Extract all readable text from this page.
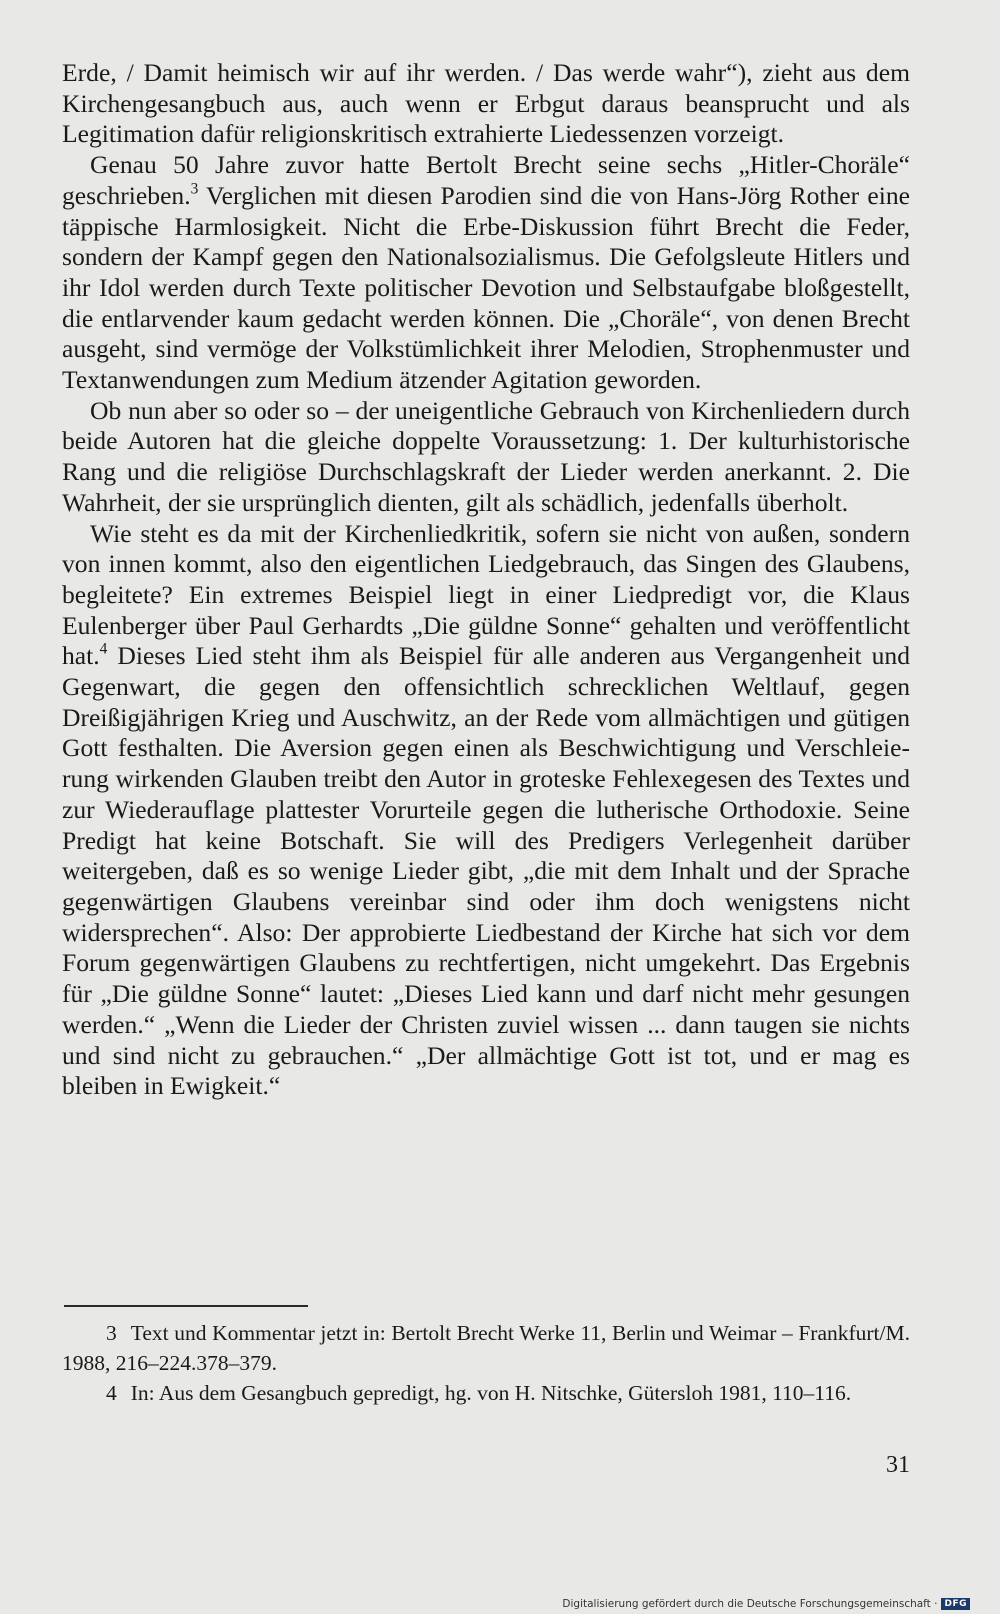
Erde, / Damit heimisch wir auf ihr werden. / Das werde wahr“), zieht aus dem Kirchengesangbuch aus, auch wenn er Erbgut daraus beansprucht und als Legitimation dafür religionskritisch extrahierte Liedessenzen vorzeigt.

Genau 50 Jahre zuvor hatte Bertolt Brecht seine sechs „Hitler-Choräle“ geschrieben.$^3$ Verglichen mit diesen Parodien sind die von Hans-Jörg Rother eine täppische Harmlosigkeit. Nicht die Erbe-Diskussion führt Brecht die Feder, sondern der Kampf gegen den Nationalsozialismus. Die Gefolgsleute Hitlers und ihr Idol werden durch Texte politischer Devotion und Selbstaufgabe bloßgestellt, die entlarvender kaum gedacht werden können. Die „Choräle“, von denen Brecht ausgeht, sind vermöge der Volkstümlichkeit ihrer Melodien, Strophenmuster und Textanwendungen zum Medium ätzender Agitation geworden.

Ob nun aber so oder so – der uneigentliche Gebrauch von Kirchenliedern durch beide Autoren hat die gleiche doppelte Voraussetzung: 1. Der kulturhistorische Rang und die religiöse Durchschlagskraft der Lieder werden anerkannt. 2. Die Wahrheit, der sie ursprünglich dienten, gilt als schädlich, jedenfalls überholt.

Wie steht es da mit der Kirchenliedkritik, sofern sie nicht von außen, sondern von innen kommt, also den eigentlichen Liedgebrauch, das Singen des Glaubens, begleitete? Ein extremes Beispiel liegt in einer Liedpredigt vor, die Klaus Eulenberger über Paul Gerhardts „Die güldne Sonne“ gehalten und veröffentlicht hat.$^4$ Dieses Lied steht ihm als Beispiel für alle anderen aus Vergangenheit und Gegenwart, die gegen den offensichtlich schrecklichen Weltlauf, gegen Dreißigjährigen Krieg und Auschwitz, an der Rede vom allmächtigen und gütigen Gott festhalten. Die Aversion gegen einen als Beschwichtigung und Verschleierung wirkenden Glauben treibt den Autor in groteske Fehlexegesen des Textes und zur Wiederauflage plattester Vorurteile gegen die lutherische Orthodoxie. Seine Predigt hat keine Botschaft. Sie will des Predigers Verlegenheit darüber weitergeben, daß es so wenige Lieder gibt, „die mit dem Inhalt und der Sprache gegenwärtigen Glaubens vereinbar sind oder ihm doch wenigstens nicht widersprechen“. Also: Der approbierte Liedbestand der Kirche hat sich vor dem Forum gegenwärtigen Glaubens zu rechtfertigen, nicht umgekehrt. Das Ergebnis für „Die güldne Sonne“ lautet: „Dieses Lied kann und darf nicht mehr gesungen werden.“ „Wenn die Lieder der Christen zuviel wissen ... dann taugen sie nichts und sind nicht zu gebrauchen.“ „Der allmächtige Gott ist tot, und er mag es bleiben in Ewigkeit.“

3 Text und Kommentar jetzt in: Bertolt Brecht Werke 11, Berlin und Weimar – Frankfurt/M. 1988, 216–224.378–379.

4 In: Aus dem Gesangbuch gepredigt, hg. von H. Nitschke, Gütersloh 1981, 110–116.

31
Digitalisierung gefördert durch die Deutsche Forschungsgemeinschaft · DFG
